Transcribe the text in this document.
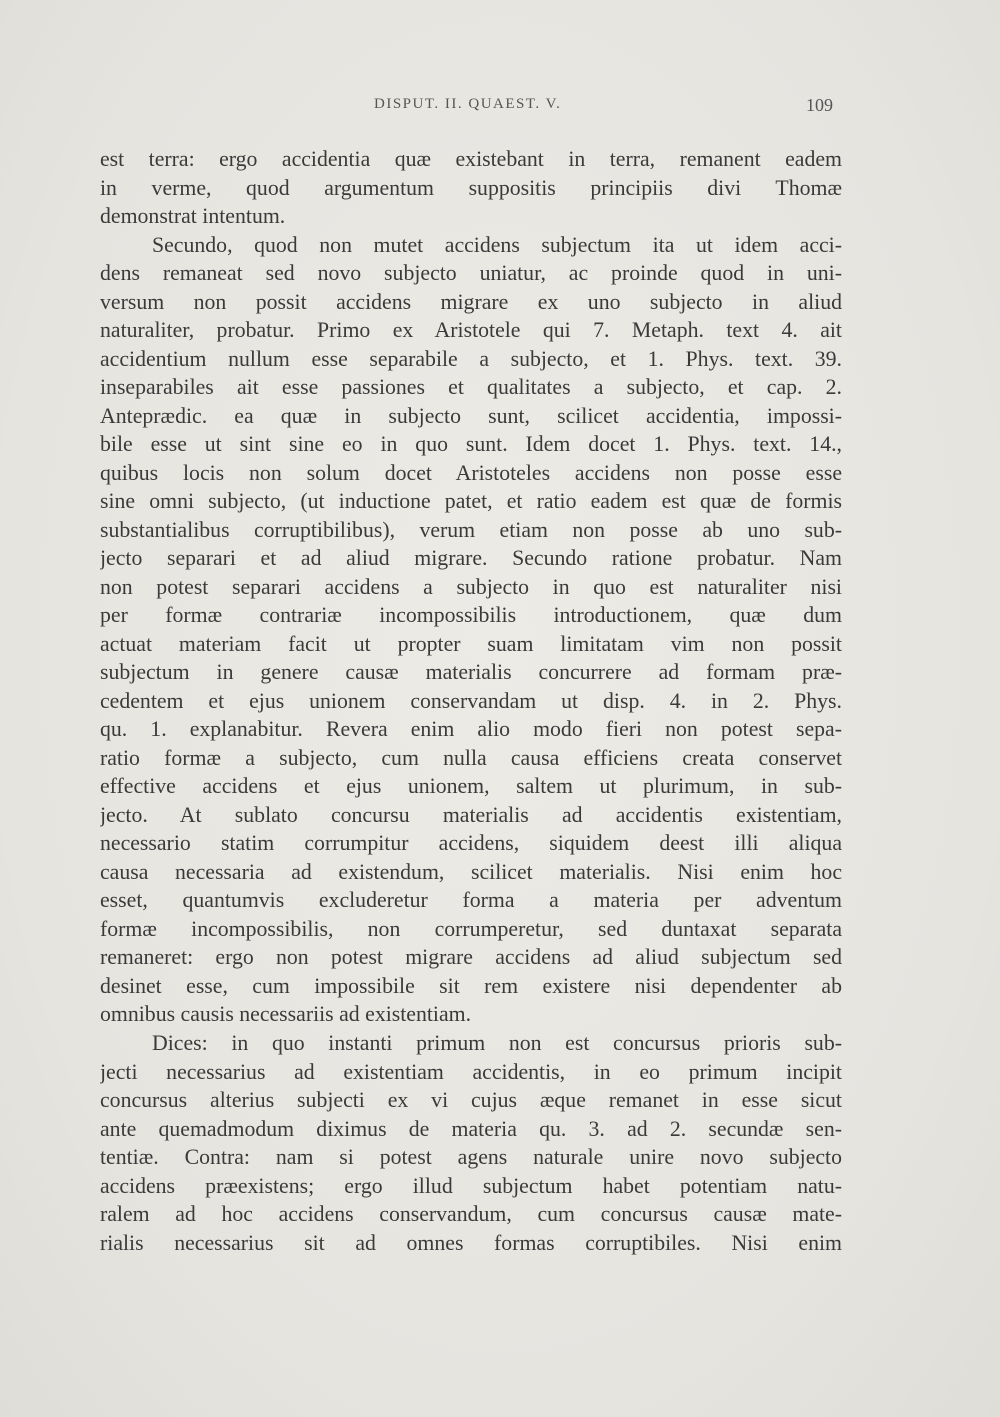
DISPUT. II. QUAEST. V.	109
est terra: ergo accidentia quæ existebant in terra, remanent eadem
in verme, quod argumentum suppositis principiis divi Thomæ
demonstrat intentum.
Secundo, quod non mutet accidens subjectum ita ut idem acci-
dens remaneat sed novo subjecto uniatur, ac proinde quod in uni-
versum non possit accidens migrare ex uno subjecto in aliud
naturaliter, probatur. Primo ex Aristotele qui 7. Metaph. text 4. ait
accidentium nullum esse separabile a subjecto, et 1. Phys. text. 39.
inseparabiles ait esse passiones et qualitates a subjecto, et cap. 2.
Anteprædic. ea quæ in subjecto sunt, scilicet accidentia, impossi-
bile esse ut sint sine eo in quo sunt. Idem docet 1. Phys. text. 14.,
quibus locis non solum docet Aristoteles accidens non posse esse
sine omni subjecto, (ut inductione patet, et ratio eadem est quæ de formis
substantialibus corruptibilibus), verum etiam non posse ab uno sub-
jecto separari et ad aliud migrare. Secundo ratione probatur. Nam
non potest separari accidens a subjecto in quo est naturaliter nisi
per formæ contrariæ incompossibilis introductionem, quæ dum
actuat materiam facit ut propter suam limitatam vim non possit
subjectum in genere causæ materialis concurrere ad formam præ-
cedentem et ejus unionem conservandam ut disp. 4. in 2. Phys.
qu. 1. explanabitur. Revera enim alio modo fieri non potest sepa-
ratio formæ a subjecto, cum nulla causa efficiens creata conservet
effective accidens et ejus unionem, saltem ut plurimum, in sub-
jecto. At sublato concursu materialis ad accidentis existentiam,
necessario statim corrumpitur accidens, siquidem deest illi aliqua
causa necessaria ad existendum, scilicet materialis. Nisi enim hoc
esset, quantumvis excluderetur forma a materia per adventum
formæ incompossibilis, non corrumperetur, sed duntaxat separata
remaneret: ergo non potest migrare accidens ad aliud subjectum sed
desinet esse, cum impossibile sit rem existere nisi dependenter ab
omnibus causis necessariis ad existentiam.
Dices: in quo instanti primum non est concursus prioris sub-
jecti necessarius ad existentiam accidentis, in eo primum incipit
concursus alterius subjecti ex vi cujus æque remanet in esse sicut
ante quemadmodum diximus de materia qu. 3. ad 2. secundæ sen-
tentiæ. Contra: nam si potest agens naturale unire novo subjecto
accidens præexistens; ergo illud subjectum habet potentiam natu-
ralem ad hoc accidens conservandum, cum concursus causæ mate-
rialis necessarius sit ad omnes formas corruptibiles. Nisi enim
